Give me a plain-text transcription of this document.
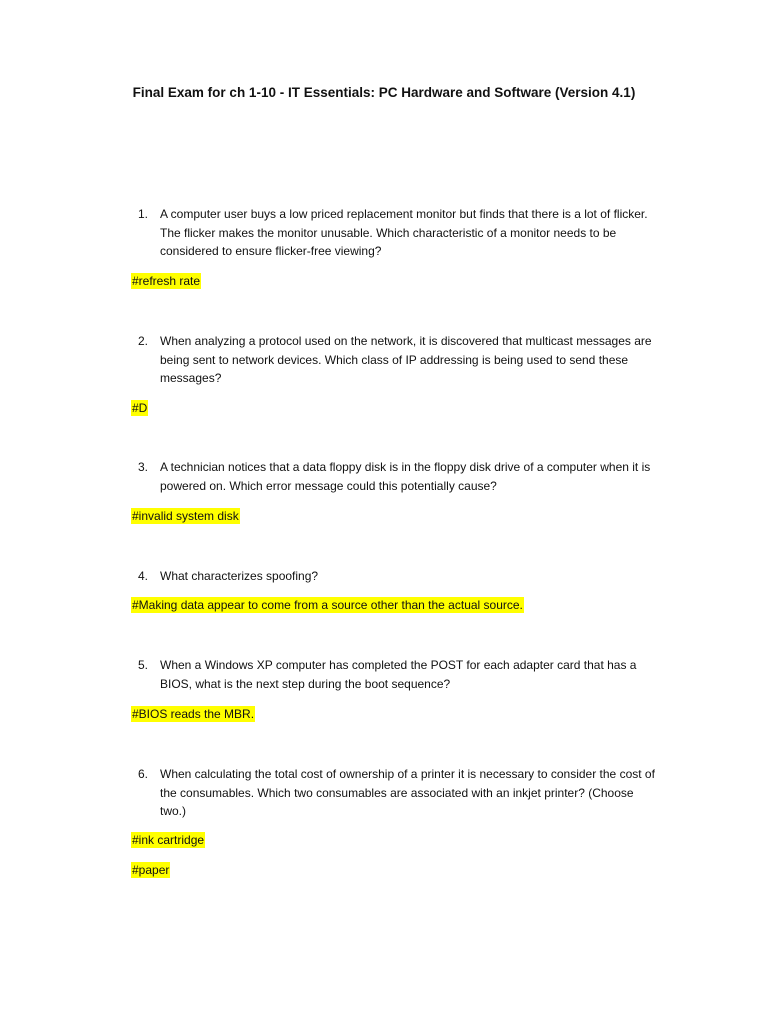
Final Exam for ch 1-10 - IT Essentials: PC Hardware and Software (Version 4.1)
1. A computer user buys a low priced replacement monitor but finds that there is a lot of flicker. The flicker makes the monitor unusable. Which characteristic of a monitor needs to be considered to ensure flicker-free viewing?
#refresh rate
2. When analyzing a protocol used on the network, it is discovered that multicast messages are being sent to network devices. Which class of IP addressing is being used to send these messages?
#D
3. A technician notices that a data floppy disk is in the floppy disk drive of a computer when it is powered on. Which error message could this potentially cause?
#invalid system disk
4. What characterizes spoofing?
#Making data appear to come from a source other than the actual source.
5. When a Windows XP computer has completed the POST for each adapter card that has a BIOS, what is the next step during the boot sequence?
#BIOS reads the MBR.
6. When calculating the total cost of ownership of a printer it is necessary to consider the cost of the consumables. Which two consumables are associated with an inkjet printer? (Choose two.)
#ink cartridge
#paper
